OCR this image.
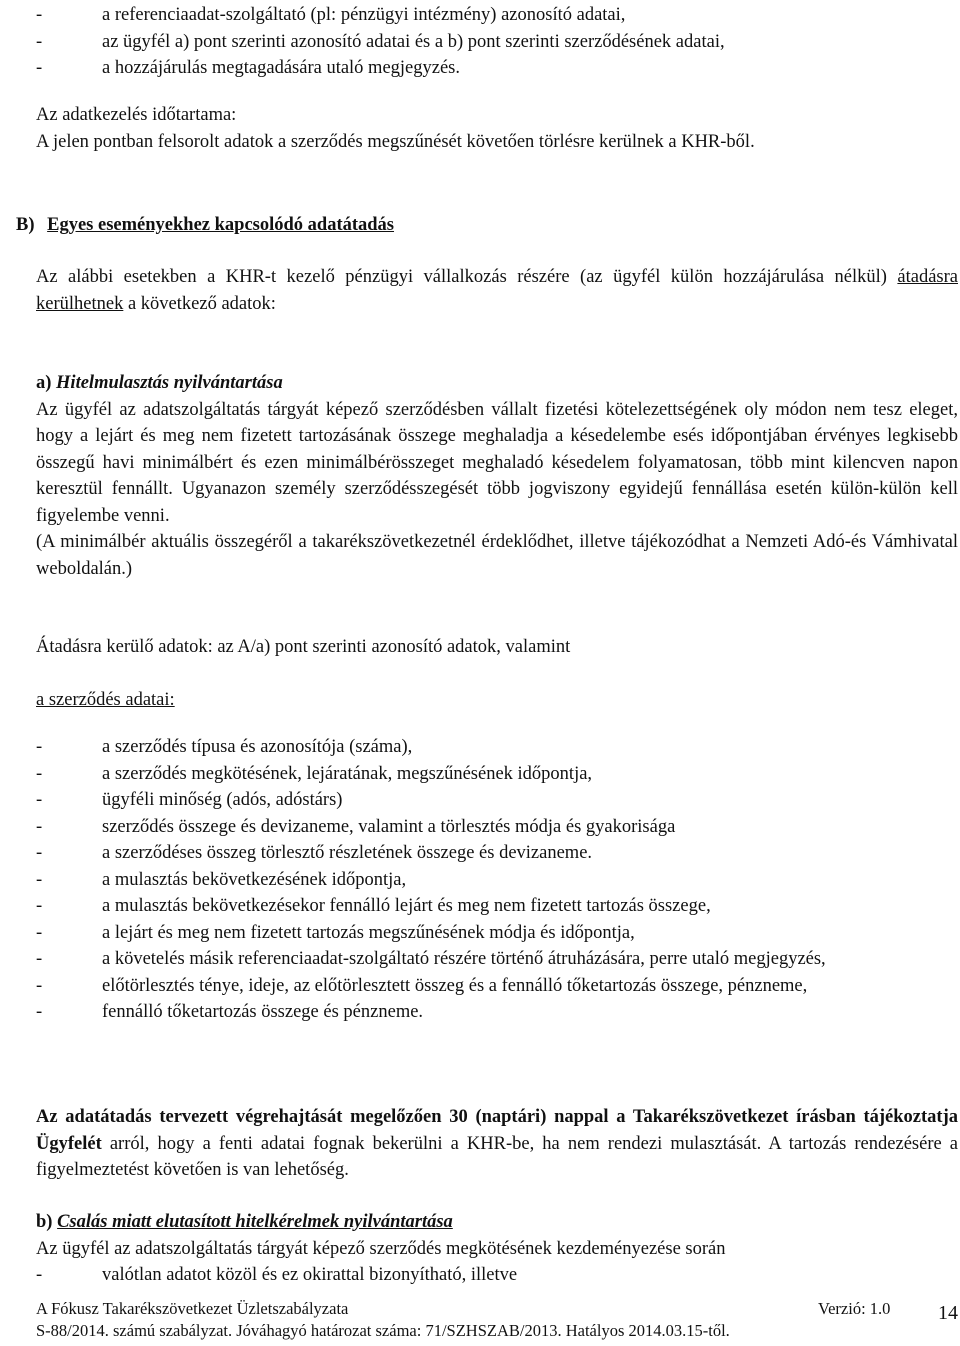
-	a referenciaadat-szolgáltató (pl: pénzügyi intézmény) azonosító adatai,
-	az ügyfél a) pont szerinti azonosító adatai és a b) pont szerinti szerződésének adatai,
-	a hozzájárulás megtagadására utaló megjegyzés.
Az adatkezelés időtartama:
A jelen pontban felsorolt adatok a szerződés megszűnését követően törlésre kerülnek a KHR-ből.
B) Egyes eseményekhez kapcsolódó adatátadás
Az alábbi esetekben a KHR-t kezelő pénzügyi vállalkozás részére (az ügyfél külön hozzájárulása nélkül) átadásra kerülhetnek a következő adatok:
a) Hitelmulasztás nyilvántartása
Az ügyfél az adatszolgáltatás tárgyát képező szerződésben vállalt fizetési kötelezettségének oly módon nem tesz eleget, hogy a lejárt és meg nem fizetett tartozásának összege meghaladja a késedelembe esés időpontjában érvényes legkisebb összegű havi minimálbért és ezen minimálbérösszeget meghaladó késedelem folyamatosan, több mint kilencven napon keresztül fennállt. Ugyanazon személy szerződésszegését több jogviszony egyidejű fennállása esetén külön-külön kell figyelembe venni.
(A minimálbér aktuális összegéről a takarékszövetkezetnél érdeklődhet, illetve tájékozódhat a Nemzeti Adó-és Vámhivatal weboldalán.)
Átadásra kerülő adatok: az A/a) pont szerinti azonosító adatok, valamint
a szerződés adatai:
-	a szerződés típusa és azonosítója (száma),
-	a szerződés megkötésének, lejáratának, megszűnésének időpontja,
-	ügyféli minőség (adós, adóstárs)
-	szerződés összege és devizaneme, valamint a törlesztés módja és gyakorisága
-	a szerződéses összeg törlesztő részletének összege és devizaneme.
-	a mulasztás bekövetkezésének időpontja,
-	a mulasztás bekövetkezésekor fennálló lejárt és meg nem fizetett tartozás összege,
-	a lejárt és meg nem fizetett tartozás megszűnésének módja és időpontja,
-	a követelés másik referenciaadat-szolgáltató részére történő átruházására, perre utaló megjegyzés,
-	előtörlesztés ténye, ideje, az előtörlesztett összeg és a fennálló tőketartozás összege, pénzneme,
-	fennálló tőketartozás összege és pénzneme.
Az adatátadás tervezett végrehajtását megelőzően 30 (naptári) nappal a Takarékszövetkezet írásban tájékoztatja Ügyfelét arról, hogy a fenti adatai fognak bekerülni a KHR-be, ha nem rendezi mulasztását. A tartozás rendezésére a figyelmeztetést követően is van lehetőség.
b) Csalás miatt elutasított hitelkérelmek nyilvántartása
Az ügyfél az adatszolgáltatás tárgyát képező szerződés megkötésének kezdeményezése során
-	valótlan adatot közöl és ez okirattal bizonyítható, illetve
A Fókusz Takarékszövetkezet Üzletszabályzata	Verzió: 1.0 14
S-88/2014. számú szabályzat. Jóváhagyó határozat száma: 71/SZHSZAB/2013. Hatályos 2014.03.15-től.
